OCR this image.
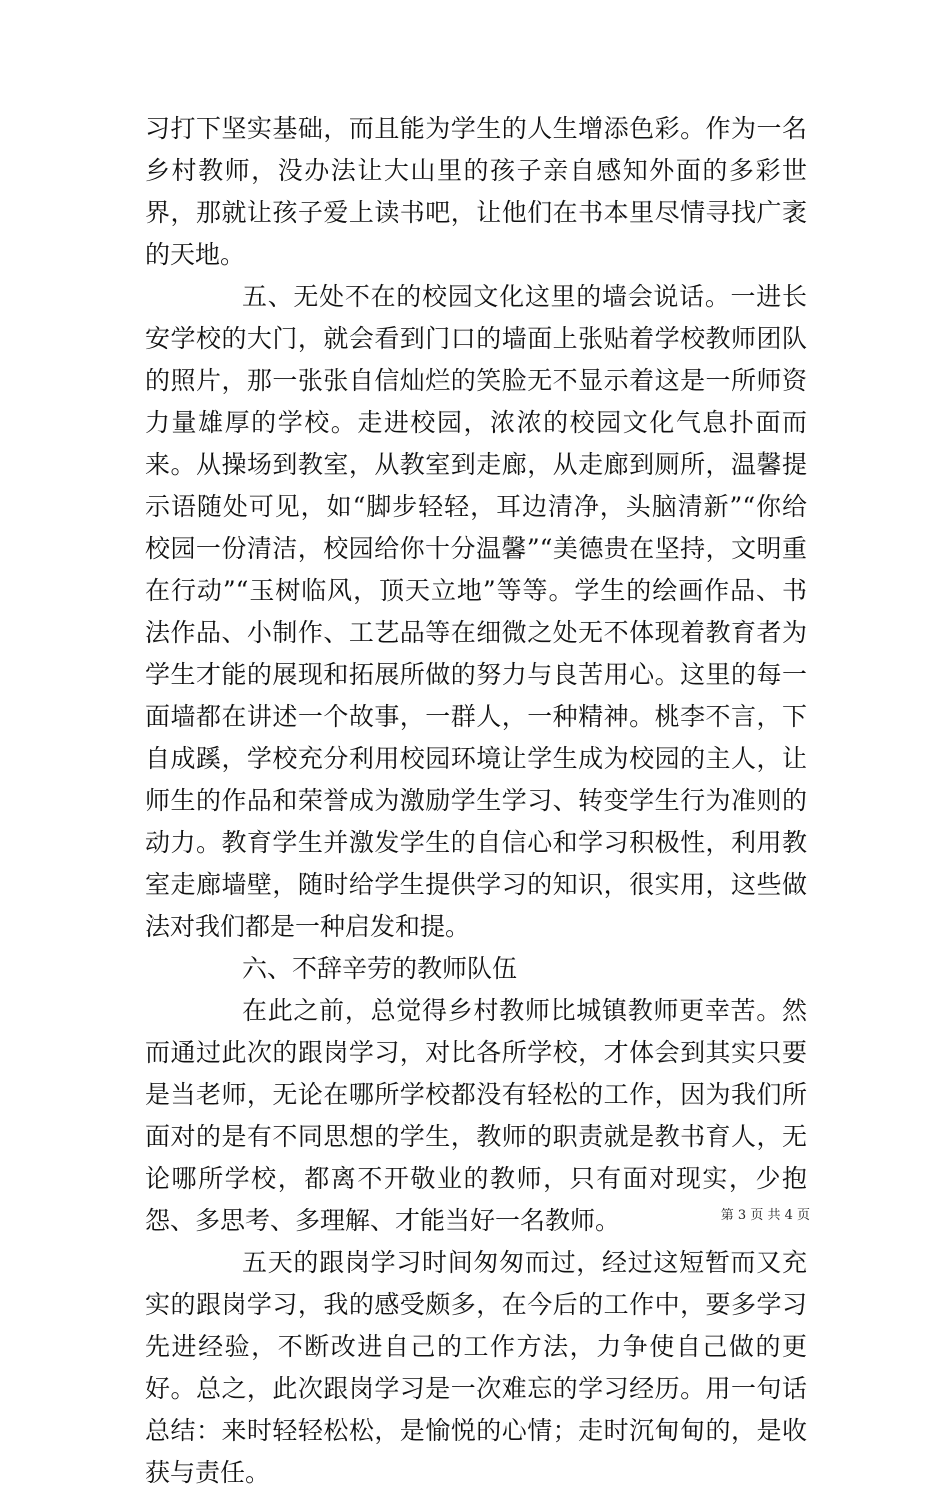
习打下坚实基础，而且能为学生的人生增添色彩。作为一名乡村教师，没办法让大山里的孩子亲自感知外面的多彩世界，那就让孩子爱上读书吧，让他们在书本里尽情寻找广袤的天地。

五、无处不在的校园文化这里的墙会说话。一进长安学校的大门，就会看到门口的墙面上张贴着学校教师团队的照片，那一张张自信灿烂的笑脸无不显示着这是一所师资力量雄厚的学校。走进校园，浓浓的校园文化气息扑面而来。从操场到教室，从教室到走廊，从走廊到厕所，温馨提示语随处可见，如“脚步轻轻，耳边清净，头脑清新”“你给校园一份清洁，校园给你十分温馨”“美德贵在坚持，文明重在行动”“玉树临风，顶天立地”等等。学生的绘画作品、书法作品、小制作、工艺品等在细微之处无不体现着教育者为学生才能的展现和拓展所做的努力与良苦用心。这里的每一面墙都在讲述一个故事，一群人，一种精神。桃李不言，下自成蹊，学校充分利用校园环境让学生成为校园的主人，让师生的作品和荣誉成为激励学生学习、转变学生行为准则的动力。教育学生并激发学生的自信心和学习积极性，利用教室走廊墙壁，随时给学生提供学习的知识，很实用，这些做法对我们都是一种启发和提。

六、不辞辛劳的教师队伍

在此之前，总觉得乡村教师比城镇教师更幸苦。然而通过此次的跟岗学习，对比各所学校，才体会到其实只要是当老师，无论在哪所学校都没有轻松的工作，因为我们所面对的是有不同思想的学生，教师的职责就是教书育人，无论哪所学校，都离不开敬业的教师，只有面对现实，少抱怨、多思考、多理解、才能当好一名教师。

五天的跟岗学习时间匆匆而过，经过这短暂而又充实的跟岗学习，我的感受颇多，在今后的工作中，要多学习先进经验，不断改进自己的工作方法，力争使自己做的更好。总之，此次跟岗学习是一次难忘的学习经历。用一句话总结：来时轻轻松松，是愉悦的心情；走时沉甸甸的，是收获与责任。

第 3 页 共 4 页
